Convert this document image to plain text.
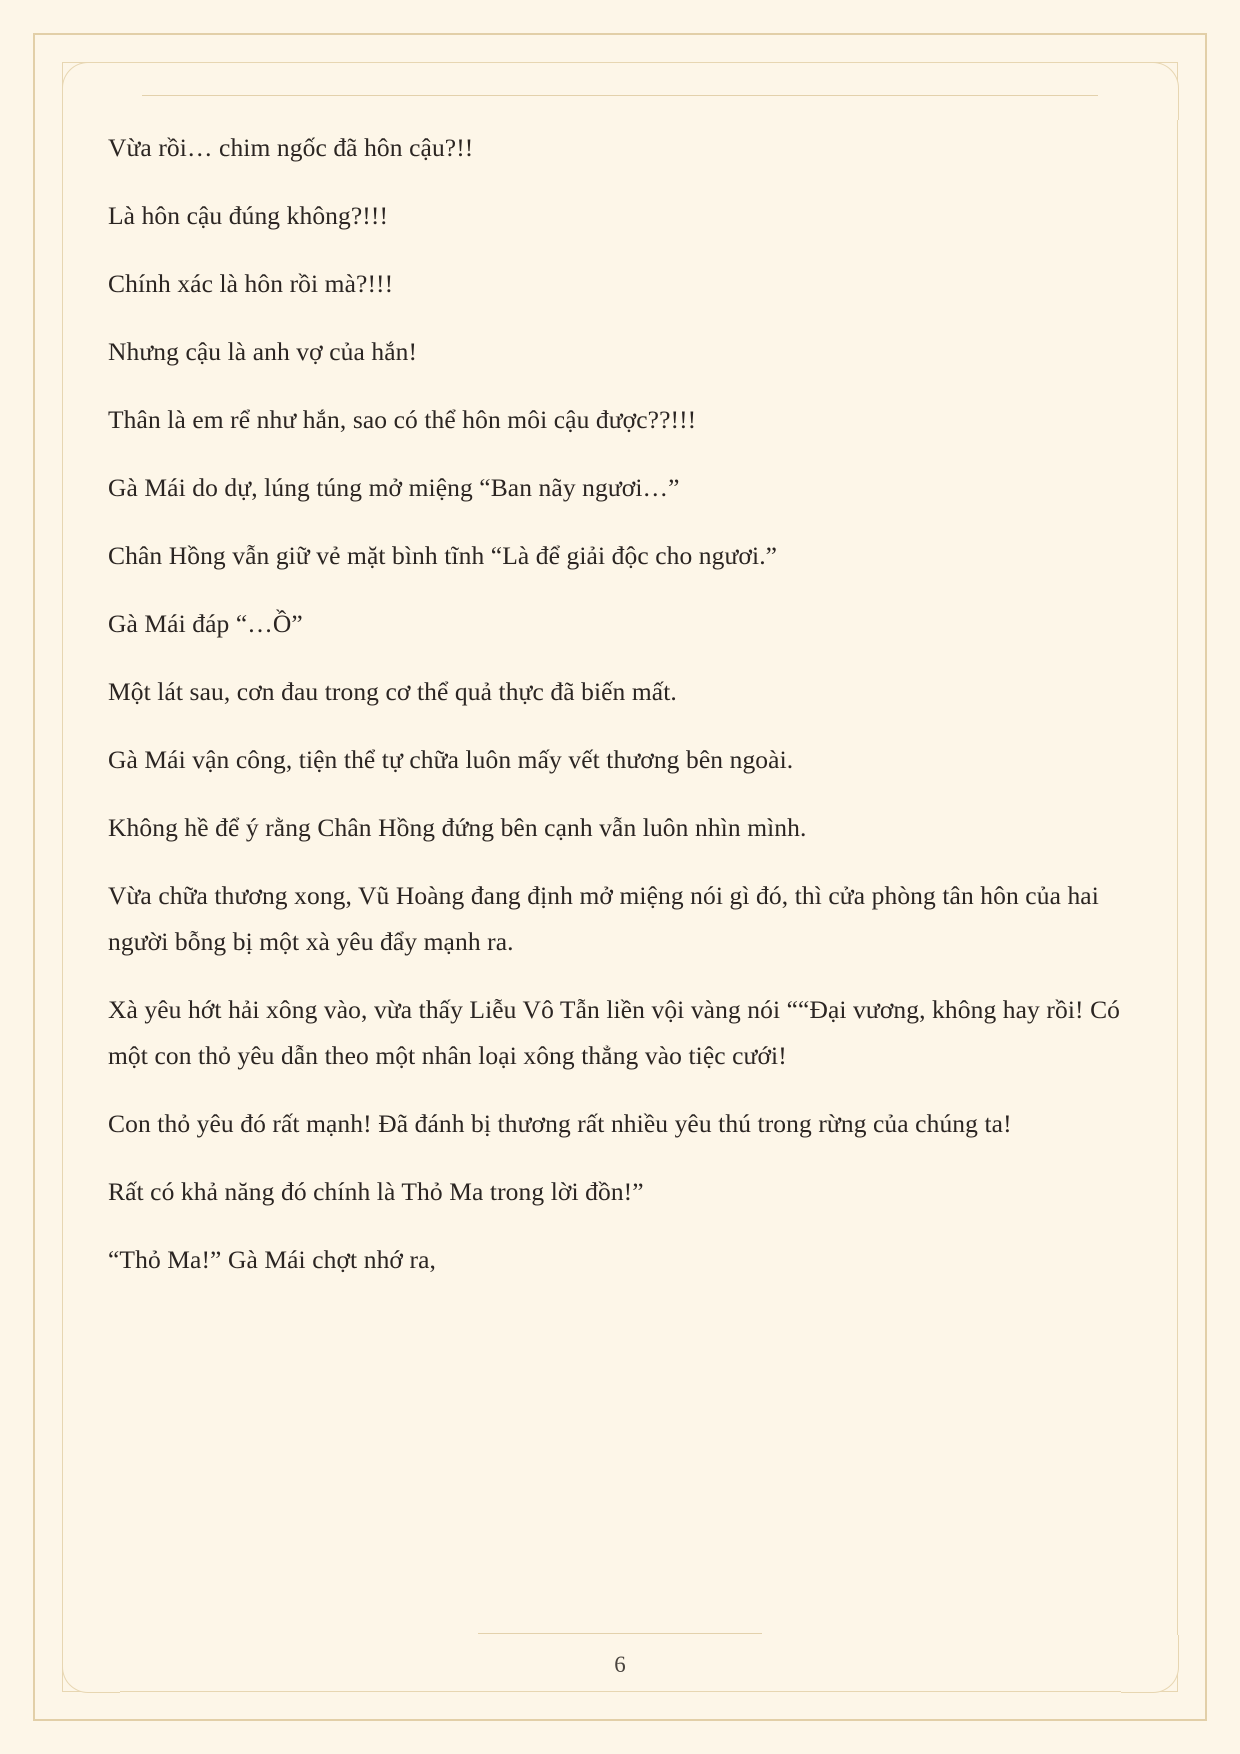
Vừa rồi… chim ngốc đã hôn cậu?!!

Là hôn cậu đúng không?!!!

Chính xác là hôn rồi mà?!!!

Nhưng cậu là anh vợ của hắn!

Thân là em rể như hắn, sao có thể hôn môi cậu được??!!!

Gà Mái do dự, lúng túng mở miệng “Ban nãy ngươi…”

Chân Hồng vẫn giữ vẻ mặt bình tĩnh “Là để giải độc cho ngươi.”

Gà Mái đáp “…Ồ”

Một lát sau, cơn đau trong cơ thể quả thực đã biến mất.

Gà Mái vận công, tiện thể tự chữa luôn mấy vết thương bên ngoài.

Không hề để ý rằng Chân Hồng đứng bên cạnh vẫn luôn nhìn mình.

Vừa chữa thương xong, Vũ Hoàng đang định mở miệng nói gì đó, thì cửa phòng tân hôn của hai người bỗng bị một xà yêu đẩy mạnh ra.

Xà yêu hớt hải xông vào, vừa thấy Liễu Vô Tẫn liền vội vàng nói ““Đại vương, không hay rồi! Có một con thỏ yêu dẫn theo một nhân loại xông thẳng vào tiệc cưới!

Con thỏ yêu đó rất mạnh! Đã đánh bị thương rất nhiều yêu thú trong rừng của chúng ta!

Rất có khả năng đó chính là Thỏ Ma trong lời đồn!”

“Thỏ Ma!” Gà Mái chợt nhớ ra,

6
